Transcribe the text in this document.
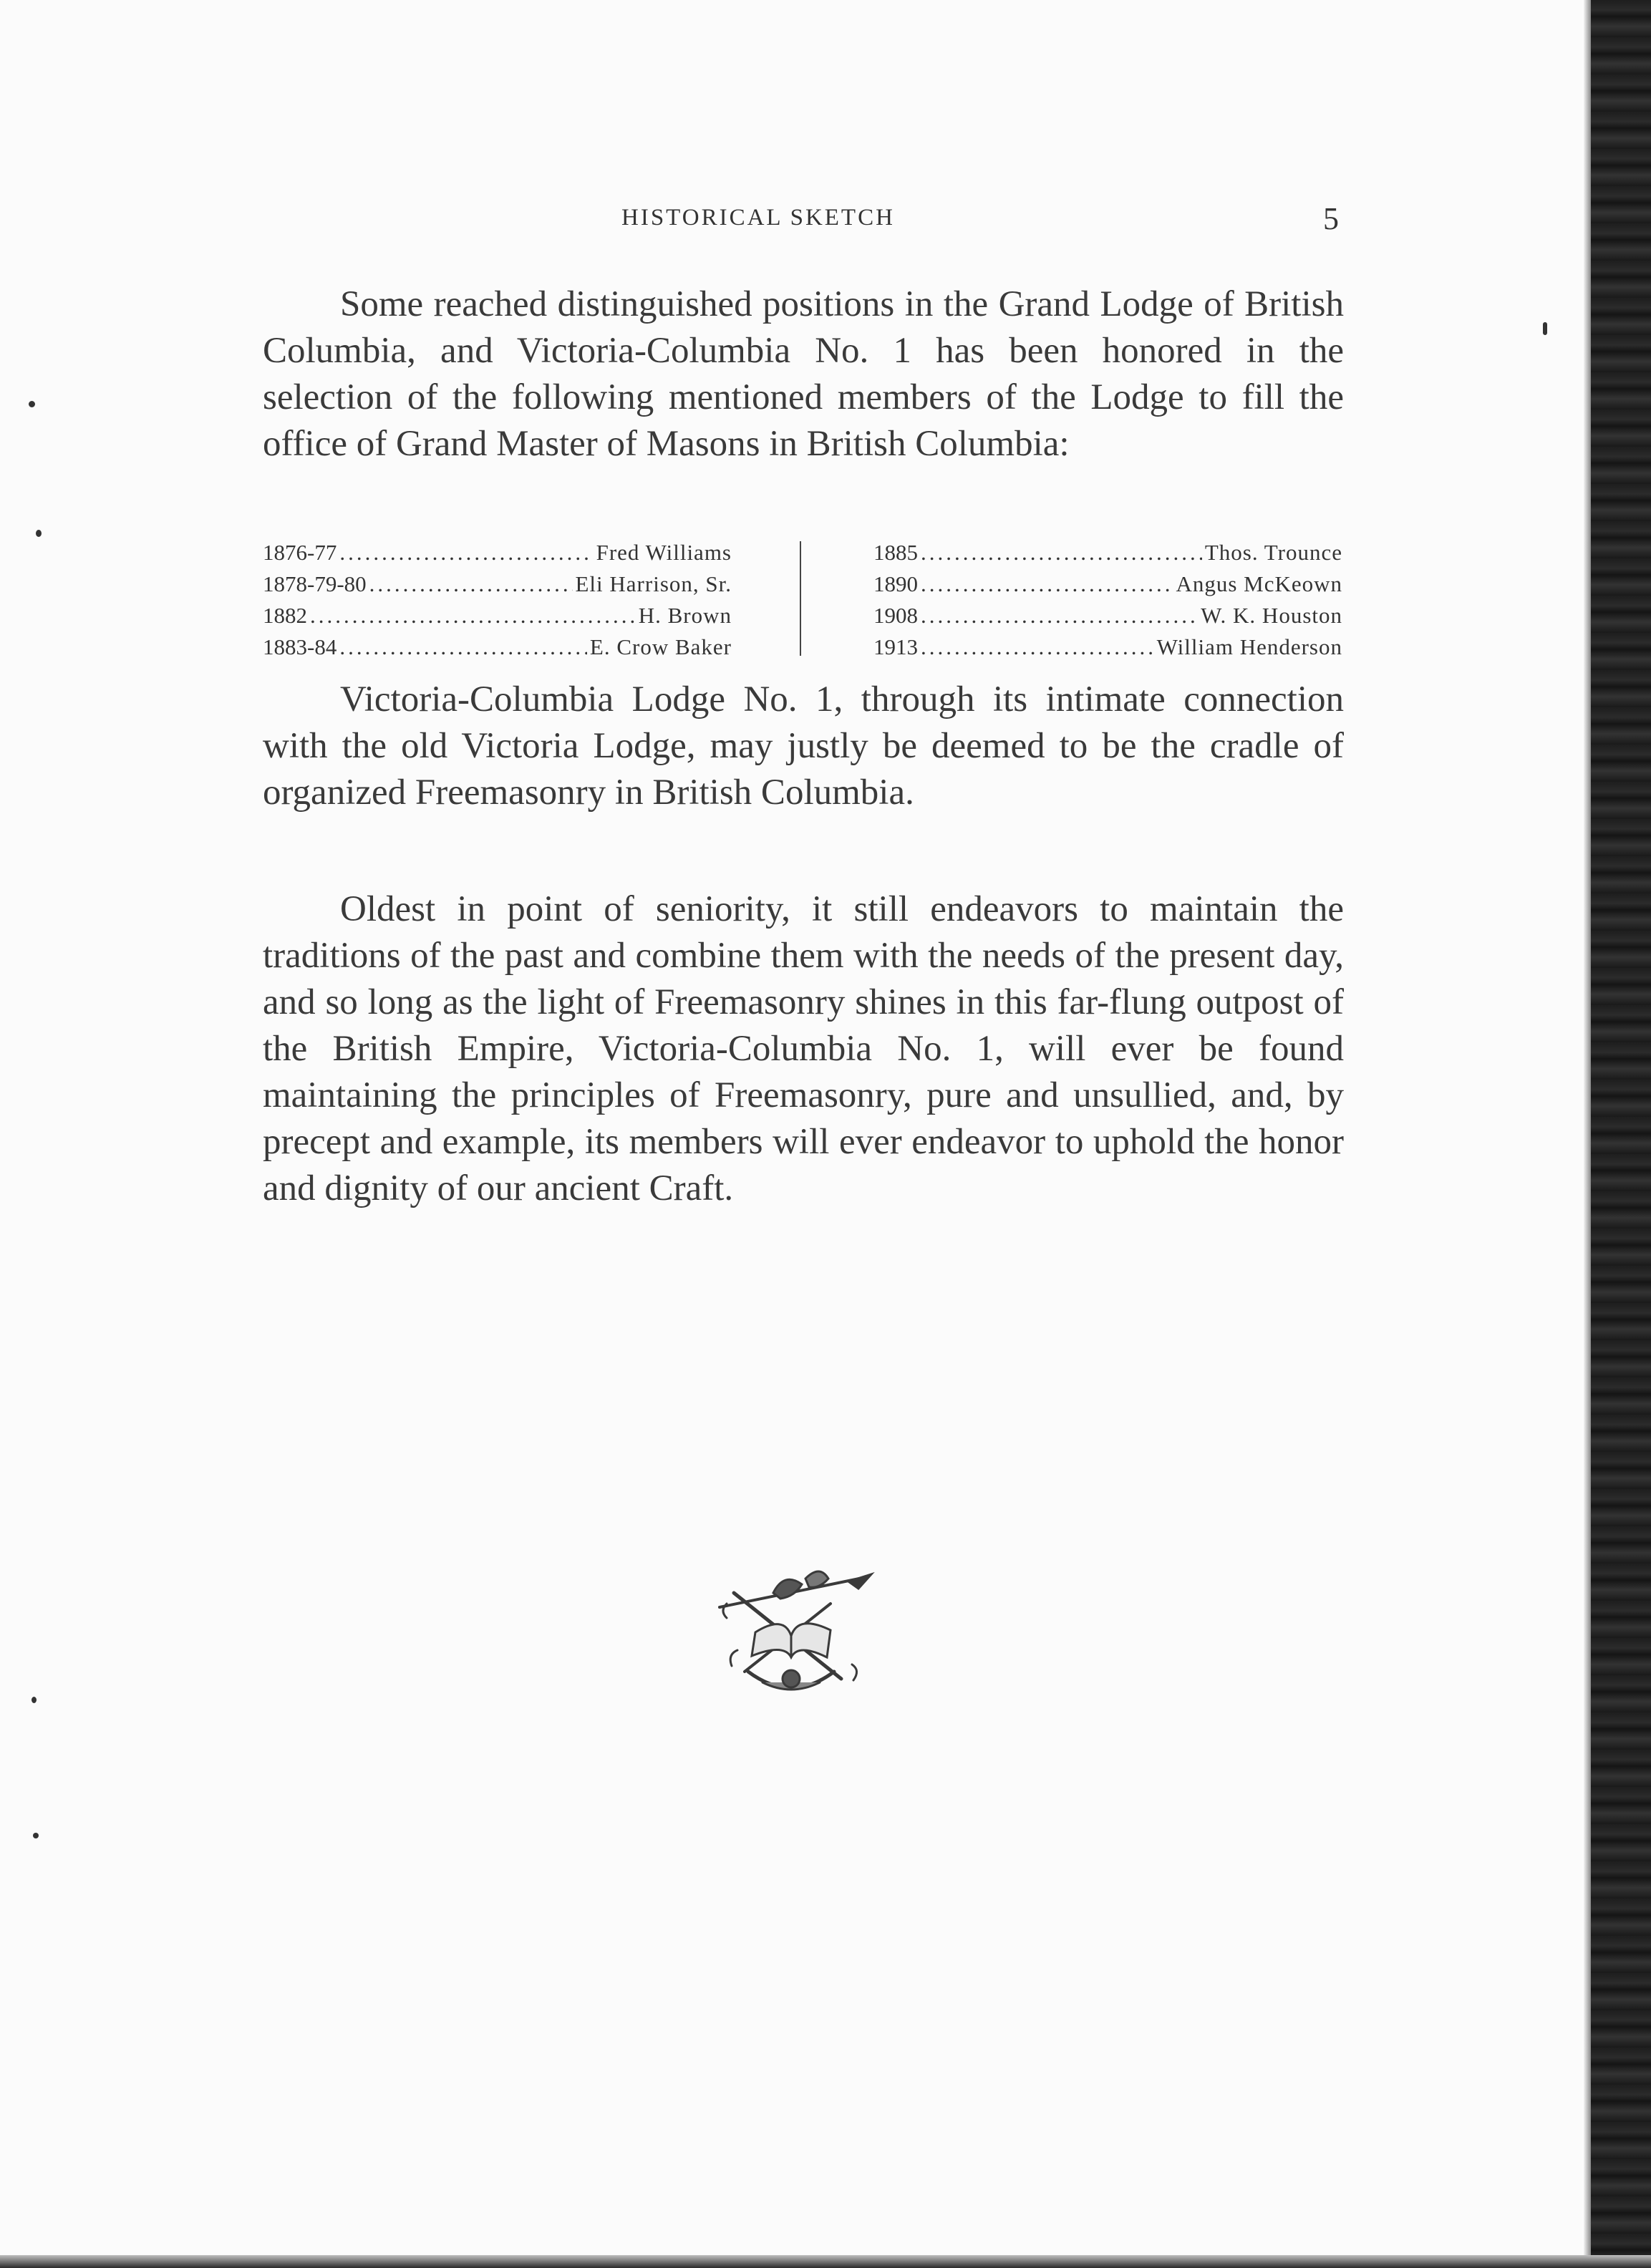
HISTORICAL SKETCH	5
Some reached distinguished positions in the Grand Lodge of British Columbia, and Victoria-Columbia No. 1 has been honored in the selection of the following mentioned members of the Lodge to fill the office of Grand Master of Masons in British Columbia:
1876-77 .....	Fred Williams
1878-79-80 .....	Eli Harrison, Sr.
1882 .....	H. Brown
1883-84 .....	E. Crow Baker
1885 .....	Thos. Trounce
1890 .....	Angus McKeown
1908 .....	W. K. Houston
1913 .....	William Henderson
Victoria-Columbia Lodge No. 1, through its intimate connection with the old Victoria Lodge, may justly be deemed to be the cradle of organized Freemasonry in British Columbia.
Oldest in point of seniority, it still endeavors to maintain the traditions of the past and combine them with the needs of the present day, and so long as the light of Freemasonry shines in this far-flung outpost of the British Empire, Victoria-Columbia No. 1, will ever be found maintaining the principles of Freemasonry, pure and unsullied, and, by precept and example, its members will ever endeavor to uphold the honor and dignity of our ancient Craft.
